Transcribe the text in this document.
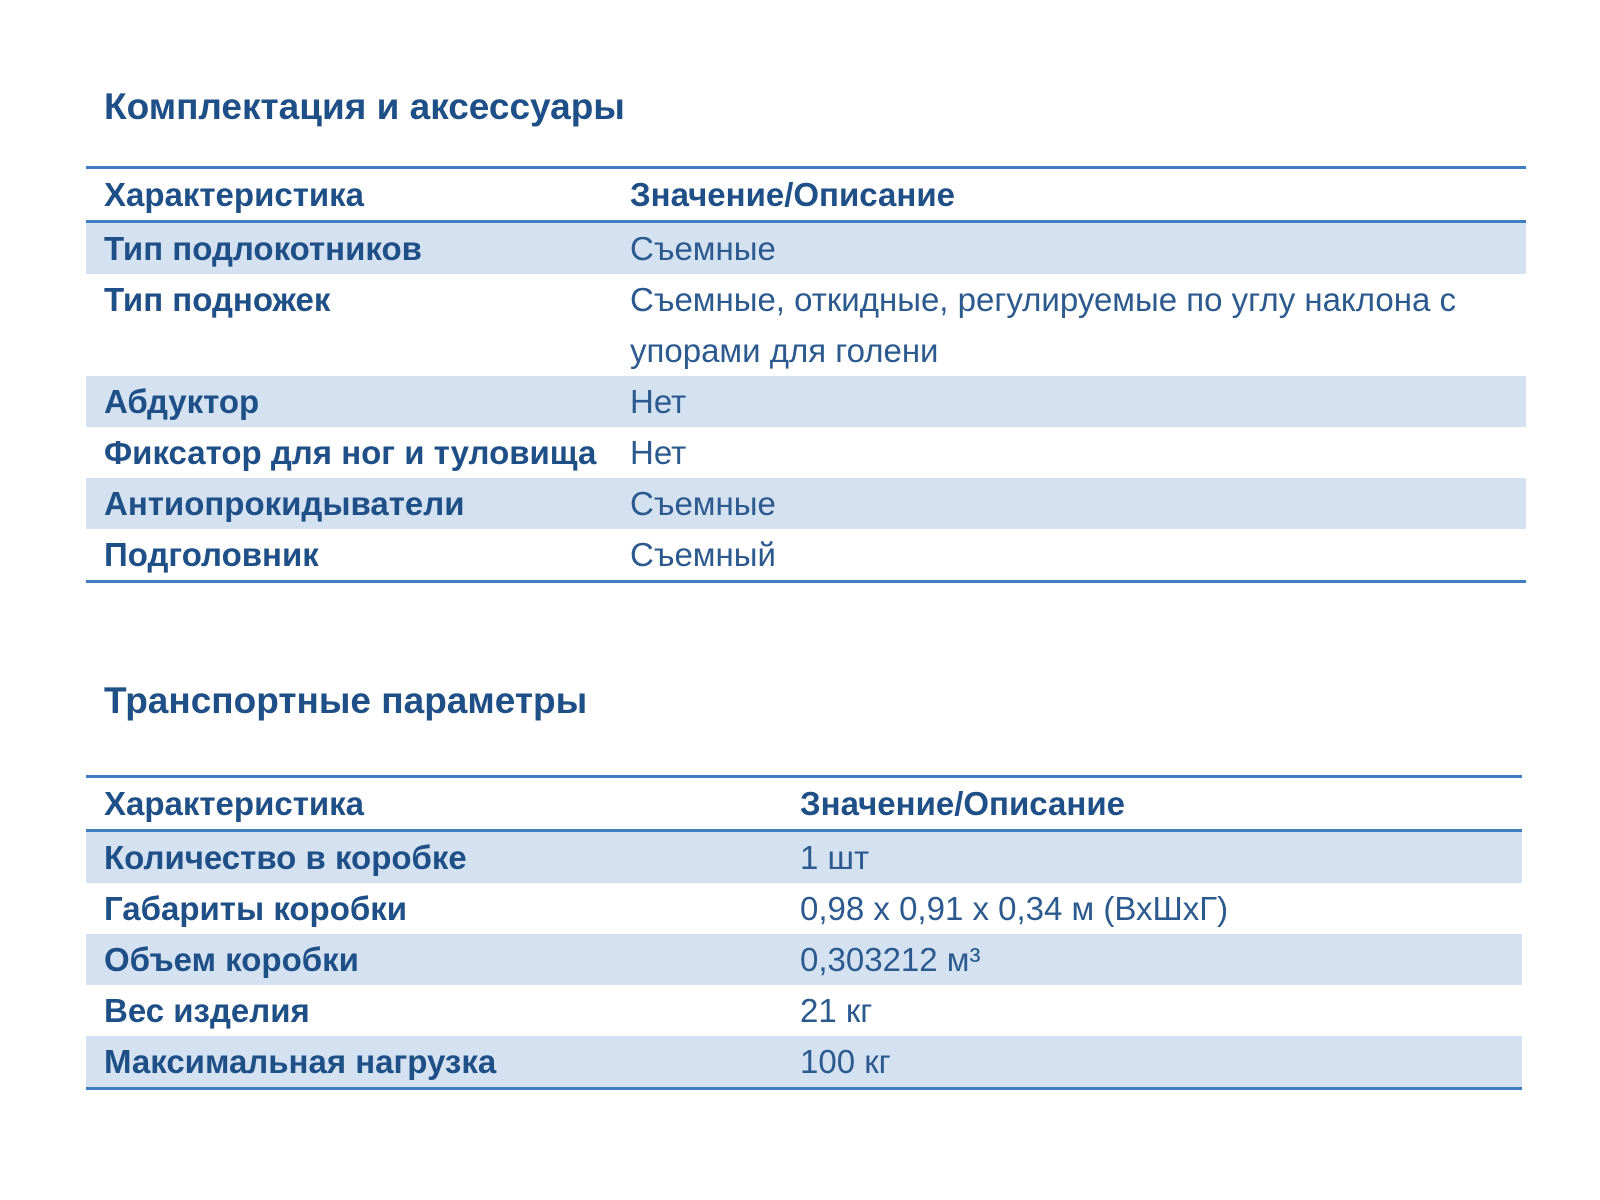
Комплектация и аксессуары
Характеристика	Значение/Описание
Тип подлокотников	Съемные
Тип подножек	Съемные, откидные, регулируемые по углу наклона с упорами для голени
Абдуктор	Нет
Фиксатор для ног и туловища	Нет
Антиопрокидыватели	Съемные
Подголовник	Съемный
Транспортные параметры
Характеристика	Значение/Описание
Количество в коробке	1 шт
Габариты коробки	0,98 х 0,91 х 0,34 м (ВхШхГ)
Объем коробки	0,303212 м³
Вес изделия	21 кг
Максимальная нагрузка	100 кг
